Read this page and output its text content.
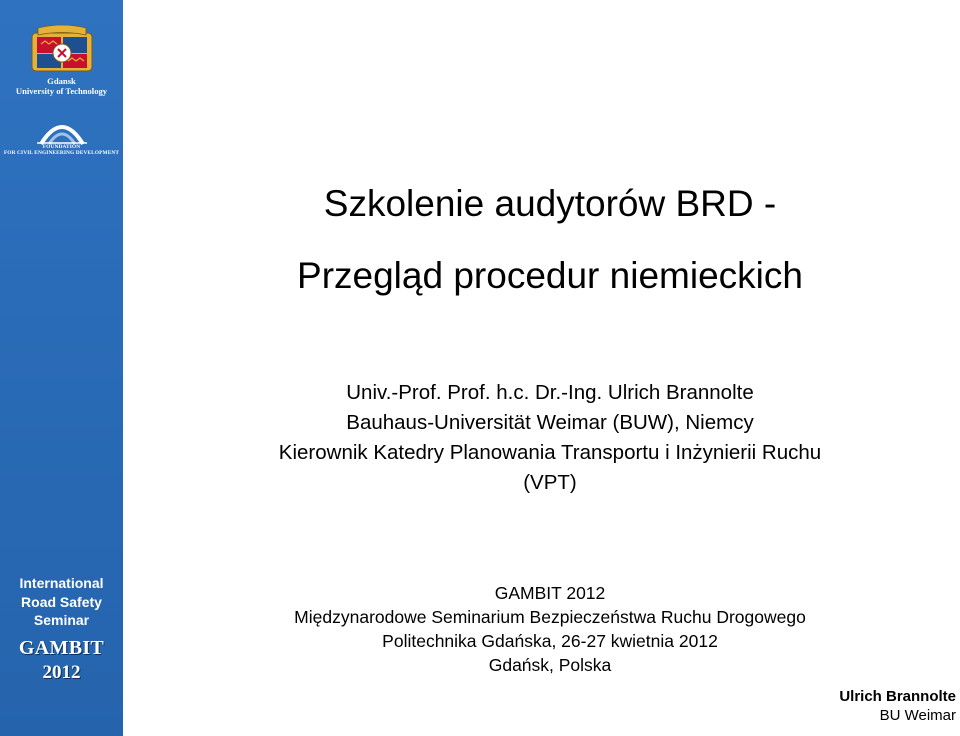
Gdansk
University of Technology
FOUNDATION
FOR CIVIL ENGINEERING DEVELOPMENT
International
Road Safety
Seminar
GAMBIT
2012
Szkolenie audytorów BRD -
Przegląd procedur niemieckich
Univ.-Prof. Prof. h.c. Dr.-Ing. Ulrich Brannolte
Bauhaus-Universität Weimar (BUW), Niemcy
Kierownik Katedry Planowania Transportu i Inżynierii Ruchu
(VPT)
GAMBIT 2012
Międzynarodowe Seminarium Bezpieczeństwa Ruchu Drogowego
Politechnika Gdańska, 26-27 kwietnia 2012
Gdańsk, Polska
Ulrich Brannolte
BU Weimar
